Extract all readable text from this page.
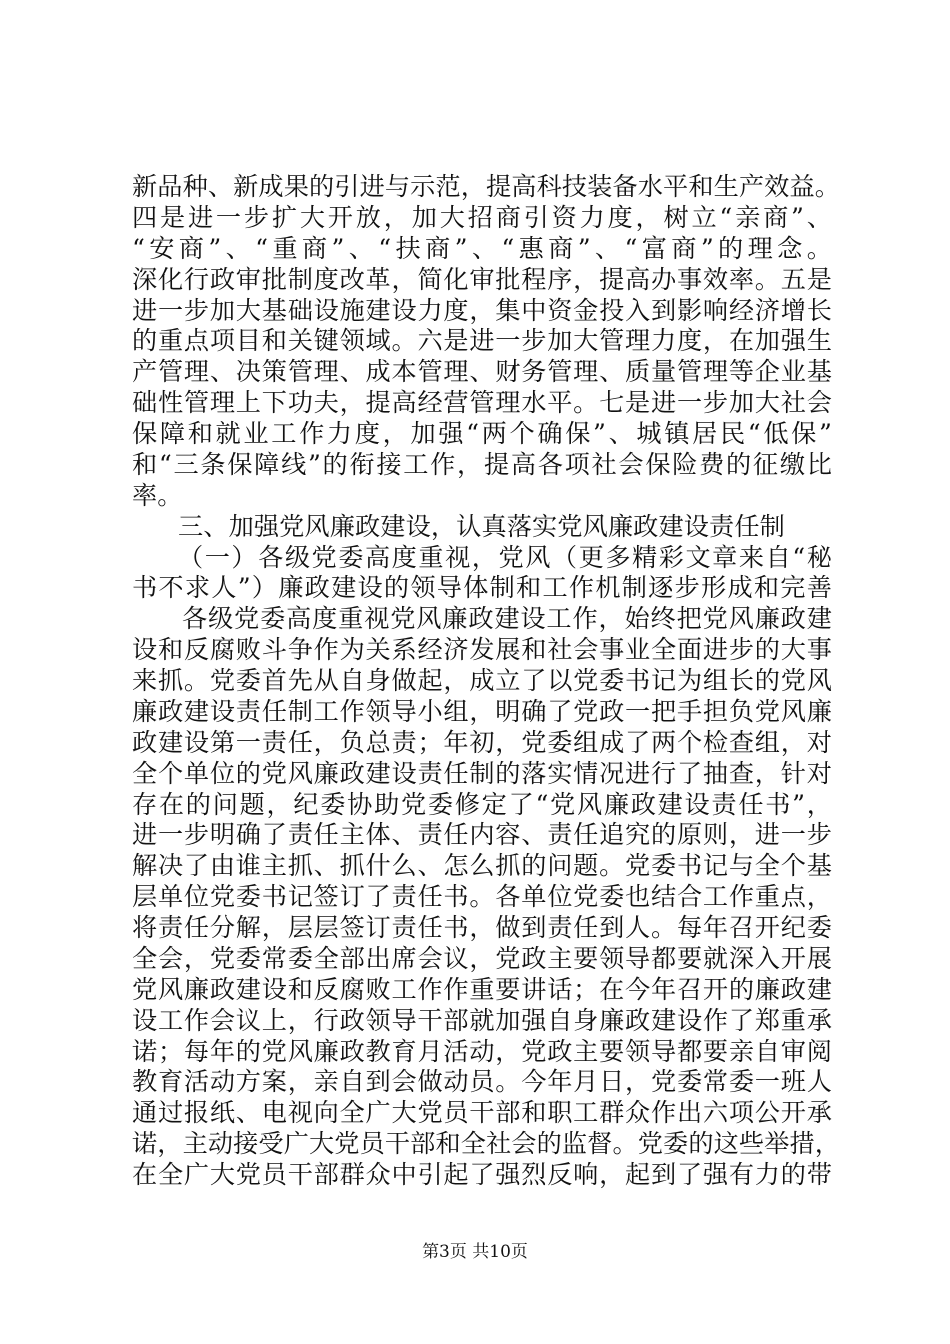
新品种、新成果的引进与示范，提高科技装备水平和生产效益。
四是进一步扩大开放，加大招商引资力度，树立“亲商”、
“安商”、“重商”、“扶商”、“惠商”、“富商”的理念。
深化行政审批制度改革，简化审批程序，提高办事效率。五是
进一步加大基础设施建设力度，集中资金投入到影响经济增长
的重点项目和关键领域。六是进一步加大管理力度，在加强生
产管理、决策管理、成本管理、财务管理、质量管理等企业基
础性管理上下功夫，提高经营管理水平。七是进一步加大社会
保障和就业工作力度，加强“两个确保”、城镇居民“低保”
和“三条保障线”的衔接工作，提高各项社会保险费的征缴比
率。
三、加强党风廉政建设，认真落实党风廉政建设责任制
（一）各级党委高度重视，党风（更多精彩文章来自“秘
书不求人”）廉政建设的领导体制和工作机制逐步形成和完善
各级党委高度重视党风廉政建设工作，始终把党风廉政建
设和反腐败斗争作为关系经济发展和社会事业全面进步的大事
来抓。党委首先从自身做起，成立了以党委书记为组长的党风
廉政建设责任制工作领导小组，明确了党政一把手担负党风廉
政建设第一责任，负总责；年初，党委组成了两个检查组，对
全个单位的党风廉政建设责任制的落实情况进行了抽查，针对
存在的问题，纪委协助党委修定了“党风廉政建设责任书”，
进一步明确了责任主体、责任内容、责任追究的原则，进一步
解决了由谁主抓、抓什么、怎么抓的问题。党委书记与全个基
层单位党委书记签订了责任书。各单位党委也结合工作重点，
将责任分解，层层签订责任书，做到责任到人。每年召开纪委
全会，党委常委全部出席会议，党政主要领导都要就深入开展
党风廉政建设和反腐败工作作重要讲话；在今年召开的廉政建
设工作会议上，行政领导干部就加强自身廉政建设作了郑重承
诺；每年的党风廉政教育月活动，党政主要领导都要亲自审阅
教育活动方案，亲自到会做动员。今年月日，党委常委一班人
通过报纸、电视向全广大党员干部和职工群众作出六项公开承
诺，主动接受广大党员干部和全社会的监督。党委的这些举措，
在全广大党员干部群众中引起了强烈反响，起到了强有力的带
第3页 共10页
